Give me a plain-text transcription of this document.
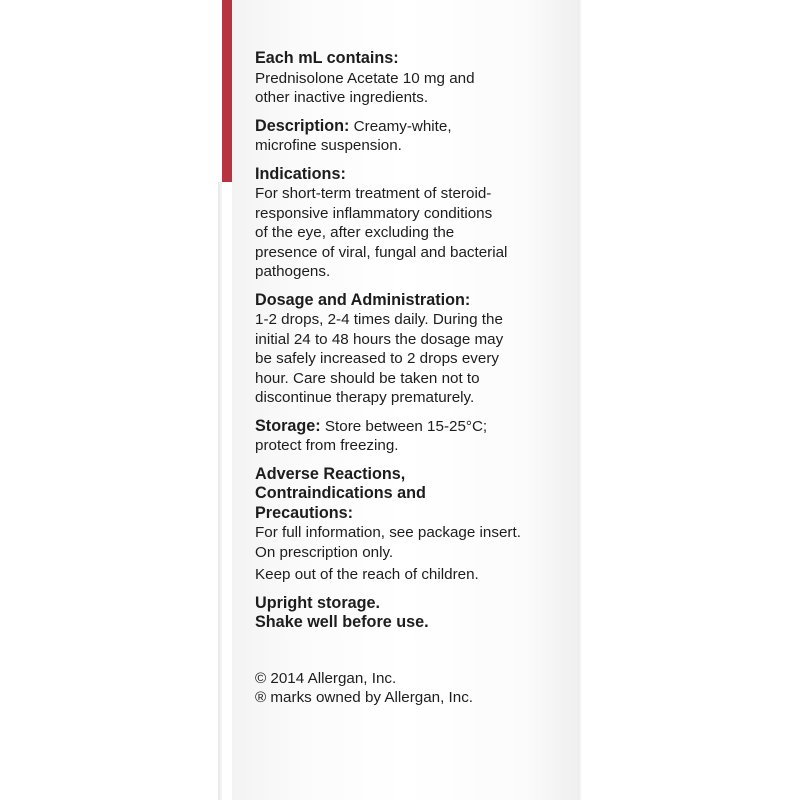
Each mL contains:

Prednisolone Acetate 10 mg and

other inactive ingredients.

Description: Creamy-white,

microfine suspension.

Indications:

For short-term treatment of steroid-

responsive inflammatory conditions

of the eye, after excluding the

presence of viral, fungal and bacterial

pathogens.

Dosage and Administration:

1-2 drops, 2-4 times daily. During the

initial 24 to 48 hours the dosage may

be safely increased to 2 drops every

hour. Care should be taken not to

discontinue therapy prematurely.

Storage: Store between 15-25°C;

protect from freezing.

Adverse Reactions,

Contraindications and

Precautions:

For full information, see package insert.

On prescription only.

Keep out of the reach of children.

Upright storage.

Shake well before use.

© 2014 Allergan, Inc.

® marks owned by Allergan, Inc.
